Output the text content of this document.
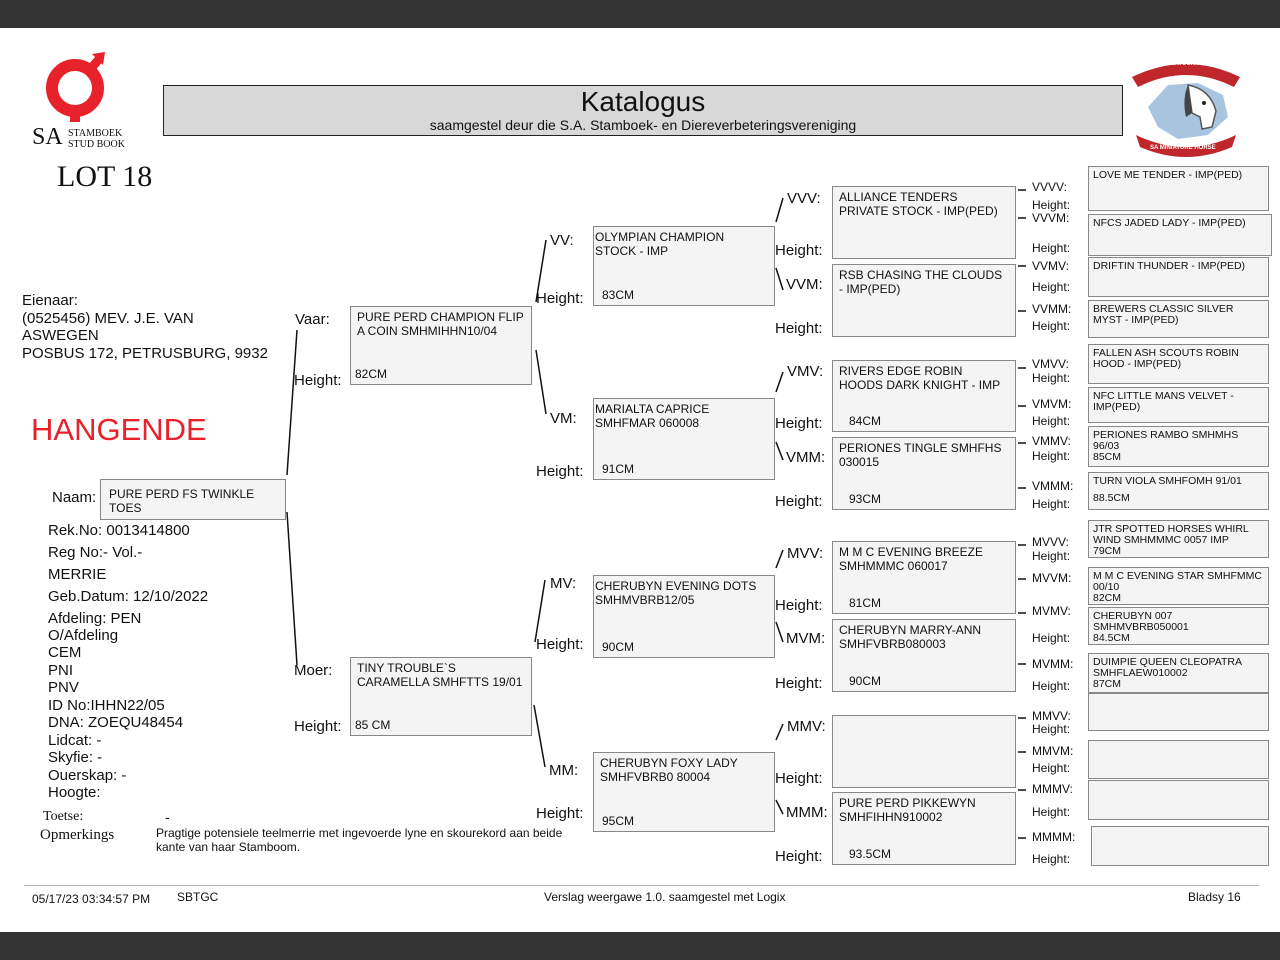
SA STAMBOEK
STUD BOOK
Katalogus
saamgestel deur die S.A. Stamboek- en Diereverbeteringsvereniging
SA MINIATUUR PERD
SA MINIATURE HORSE
LOT 18
Eienaar:
(0525456) MEV. J.E. VAN
ASWEGEN
POSBUS 172, PETRUSBURG, 9932
HANGENDE
Naam:	PURE PERD FS TWINKLE TOES
Rek.No: 0013414800
Reg No:- Vol.-
MERRIE
Geb.Datum: 12/10/2022
Afdeling: PEN
O/Afdeling
CEM
PNI
PNV
ID No:IHHN22/05
DNA: ZOEQU48454
Lidcat: -
Skyfie: -
Ouerskap: -
Hoogte:
Toetse:	-
Opmerkings	Pragtige potensiele teelmerrie met ingevoerde lyne en skourekord aan beide kante van haar Stamboom.
Vaar:
Height:
PURE PERD CHAMPION FLIP A COIN SMHMIHHN10/04
82CM
Moer:
Height:
TINY TROUBLE`S CARAMELLA SMHFTTS 19/01
85 CM
VV:
Height:
OLYMPIAN CHAMPION STOCK - IMP
83CM
VM:
Height:
MARIALTA CAPRICE SMHFMAR 060008
91CM
MV:
Height:
CHERUBYN EVENING DOTS SMHMVBRB12/05
90CM
MM:
Height:
CHERUBYN FOXY LADY SMHFVBRB0 80004
95CM
VVV:
Height:
ALLIANCE TENDERS PRIVATE STOCK - IMP(PED)
VVM:
Height:
RSB CHASING THE CLOUDS - IMP(PED)
VMV:
Height:
RIVERS EDGE ROBIN HOODS DARK KNIGHT - IMP
84CM
VMM:
Height:
PERIONES TINGLE SMHFHS 030015
93CM
MVV:
Height:
M M C EVENING BREEZE SMHMMMC 060017
81CM
MVM:
Height:
CHERUBYN MARRY-ANN SMHFVBRB080003
90CM
MMV:
Height:
MMM:
Height:
PURE PERD PIKKEWYN SMHFIHHN910002
93.5CM
VVVV:
Height:
VVVM:
Height:
VVMV:
Height:
VVMM:
Height:
VMVV:
Height:
VMVM:
Height:
VMMV:
Height:
VMMM:
Height:
MVVV:
Height:
MVVM:
MVMV:
Height:
MVMM:
Height:
MMVV:
Height:
MMVM:
Height:
MMMV:
Height:
MMMM:
Height:
LOVE ME TENDER - IMP(PED)
NFCS JADED LADY - IMP(PED)
DRIFTIN THUNDER - IMP(PED)
BREWERS CLASSIC SILVER MYST - IMP(PED)
FALLEN ASH SCOUTS ROBIN HOOD - IMP(PED)
NFC LITTLE MANS VELVET - IMP(PED)
PERIONES RAMBO SMHMHS 96/03
85CM
TURN VIOLA SMHFOMH 91/01
88.5CM
JTR SPOTTED HORSES WHIRL WIND SMHMMMC 0057 IMP
79CM
M M C EVENING STAR SMHFMMC 00/10
82CM
CHERUBYN 007 SMHMVBRB050001
84.5CM
DUIMPIE QUEEN CLEOPATRA SMHFLAEW010002
87CM
05/17/23 03:34:57 PM SBTGC	Verslag weergawe 1.0. saamgestel met Logix	Bladsy 16
